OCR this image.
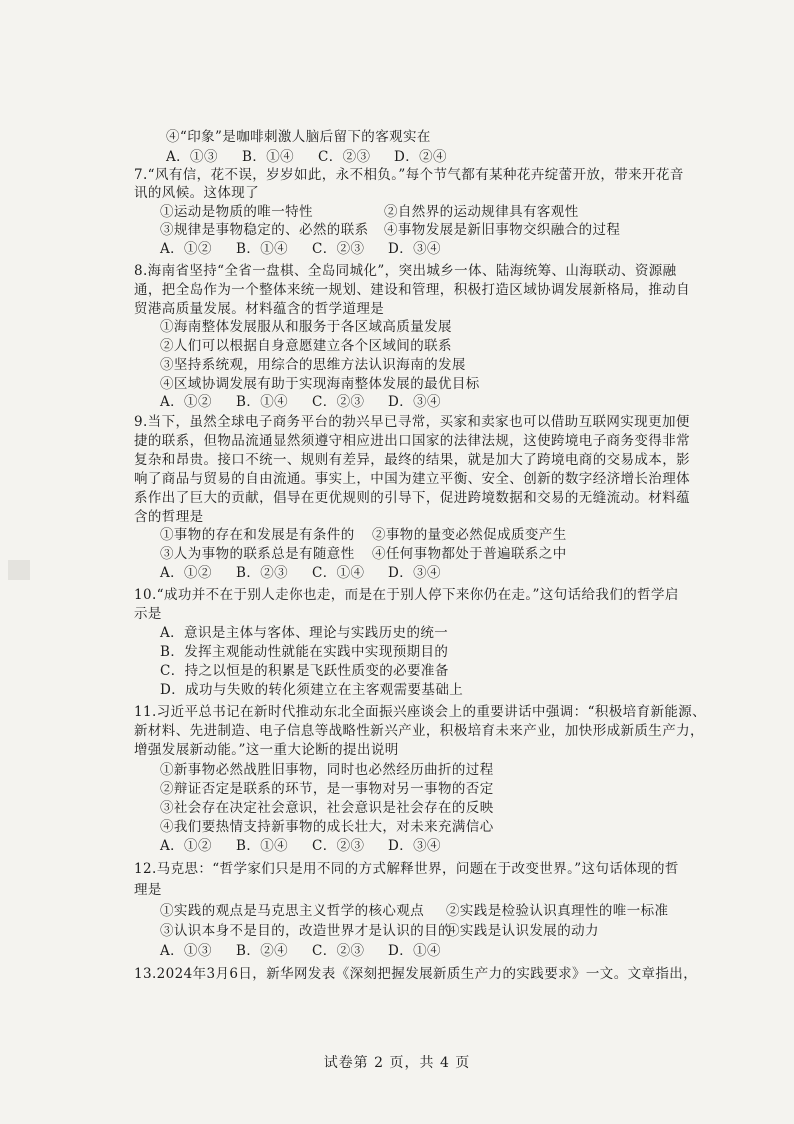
④“印象”是咖啡刺激人脑后留下的客观实在
A．①③ B．①④ C．②③ D．②④
7.“风有信，花不误，岁岁如此，永不相负。”每个节气都有某种花卉绽蕾开放，带来开花音
讯的风候。这体现了
①运动是物质的唯一特性	②自然界的运动规律具有客观性
③规律是事物稳定的、必然的联系 ④事物发展是新旧事物交织融合的过程
A．①② B．①④ C．②③ D．③④
8.海南省坚持“全省一盘棋、全岛同城化”，突出城乡一体、陆海统筹、山海联动、资源融
通，把全岛作为一个整体来统一规划、建设和管理，积极打造区域协调发展新格局，推动自
贸港高质量发展。材料蕴含的哲学道理是
①海南整体发展服从和服务于各区域高质量发展
②人们可以根据自身意愿建立各个区域间的联系
③坚持系统观，用综合的思维方法认识海南的发展
④区域协调发展有助于实现海南整体发展的最优目标
A．①② B．①④ C．②③ D．③④
9.当下，虽然全球电子商务平台的勃兴早已寻常，买家和卖家也可以借助互联网实现更加便
捷的联系，但物品流通显然须遵守相应进出口国家的法律法规，这使跨境电子商务变得非常
复杂和昂贵。接口不统一、规则有差异，最终的结果，就是加大了跨境电商的交易成本，影
响了商品与贸易的自由流通。事实上，中国为建立平衡、安全、创新的数字经济增长治理体
系作出了巨大的贡献，倡导在更优规则的引导下，促进跨境数据和交易的无缝流动。材料蕴
含的哲理是
①事物的存在和发展是有条件的 ②事物的量变必然促成质变产生
③人为事物的联系总是有随意性 ④任何事物都处于普遍联系之中
A．①② B．②③ C．①④ D．③④
10.“成功并不在于别人走你也走，而是在于别人停下来你仍在走。”这句话给我们的哲学启
示是
A．意识是主体与客体、理论与实践历史的统一
B．发挥主观能动性就能在实践中实现预期目的
C．持之以恒是的积累是飞跃性质变的必要准备
D．成功与失败的转化须建立在主客观需要基础上
11.习近平总书记在新时代推动东北全面振兴座谈会上的重要讲话中强调：“积极培育新能源、
新材料、先进制造、电子信息等战略性新兴产业，积极培育未来产业，加快形成新质生产力，
增强发展新动能。”这一重大论断的提出说明
①新事物必然战胜旧事物，同时也必然经历曲折的过程
②辩证否定是联系的环节，是一事物对另一事物的否定
③社会存在决定社会意识，社会意识是社会存在的反映
④我们要热情支持新事物的成长壮大，对未来充满信心
A．①② B．①④ C．②③ D．③④
12.马克思：“哲学家们只是用不同的方式解释世界，问题在于改变世界。”这句话体现的哲
理是
①实践的观点是马克思主义哲学的核心观点 ②实践是检验认识真理性的唯一标准
③认识本身不是目的，改造世界才是认识的目的
④实践是认识发展的动力
A．①③ B．②④ C．②③ D．①④
13.2024年3月6日，新华网发表《深刻把握发展新质生产力的实践要求》一文。文章指出，
试卷第 2 页，共 4 页
